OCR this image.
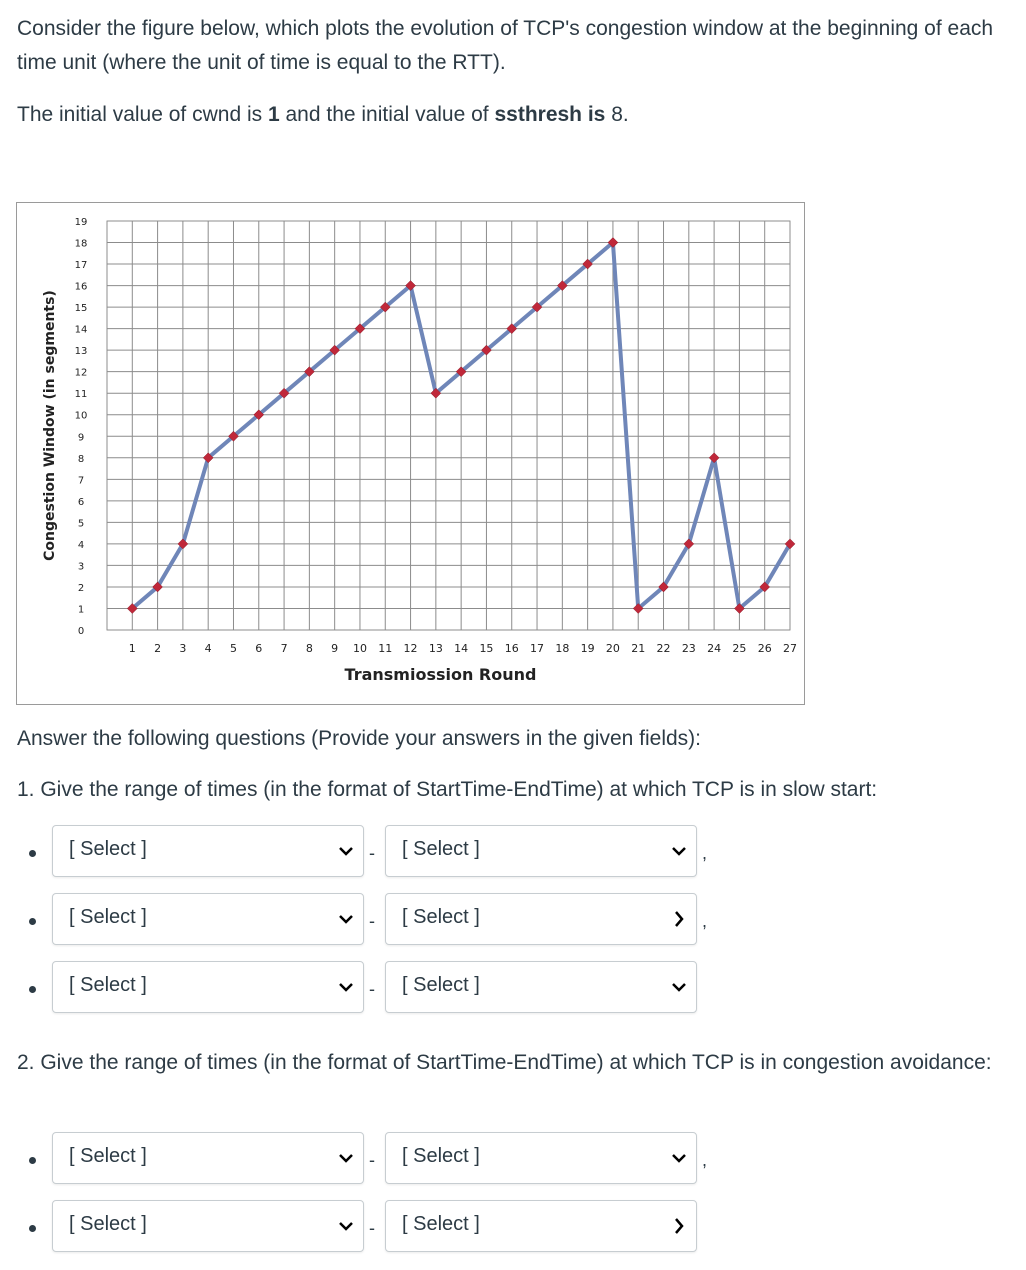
Consider the figure below, which plots the evolution of TCP's congestion window at the beginning of each time unit (where the unit of time is equal to the RTT).
The initial value of cwnd is 1 and the initial value of ssthresh is 8.
0
1
2
3
4
5
6
7
8
9
10
11
12
13
14
15
16
17
18
19
1 2 3 4 5 6 7 8 9 10 11 12 13 14 15 16 17 18 19 20 21 22 23 24 25 26 27
Transmiossion Round
Congestion Window (in segments)
Answer the following questions (Provide your answers in the given fields):
1. Give the range of times (in the format of StartTime-EndTime) at which TCP is in slow start:
[ Select ]	- [ Select ]	,
[ Select ]	- [ Select ]	,
[ Select ]	- [ Select ]
2. Give the range of times (in the format of StartTime-EndTime) at which TCP is in congestion avoidance:
[ Select ]	- [ Select ]	,
[ Select ]	- [ Select ]
